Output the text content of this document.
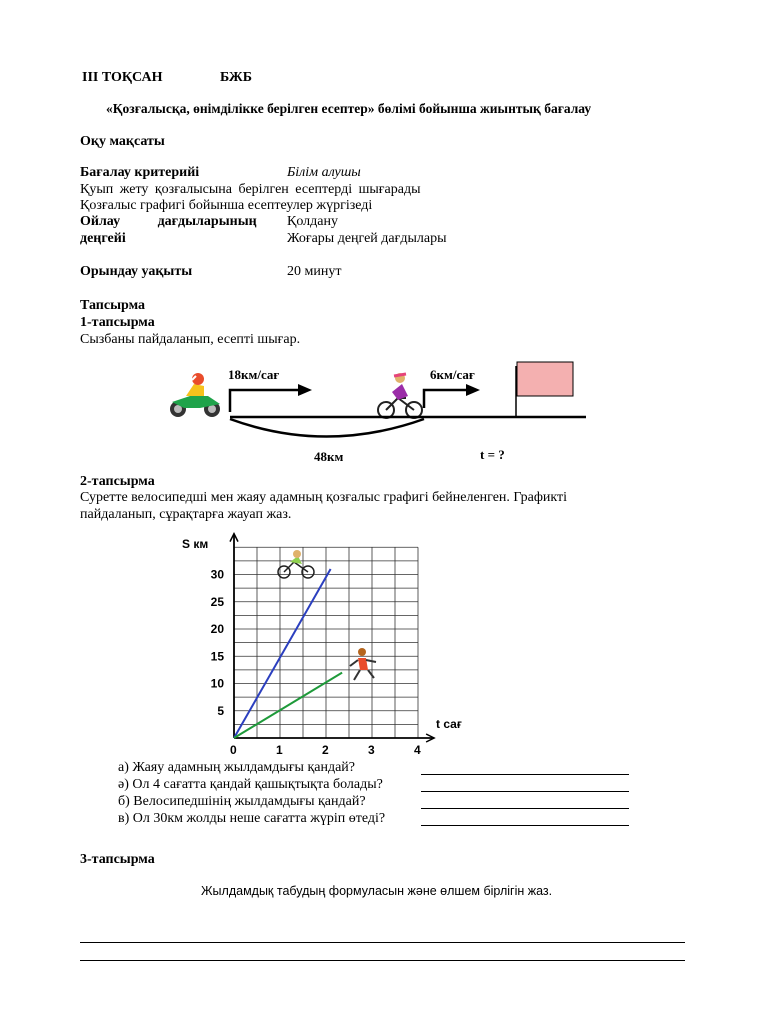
III ТОҚСАН	БЖБ
«Қозғалысқа, өнімділікке берілген есептер» бөлімі бойынша жиынтық бағалау
Оқу мақсаты
Бағалау критерийі	Білім алушы
Қуып жету қозғалысына берілген есептерді шығарады
Қозғалыс графигі бойынша есептеулер жүргізеді
Ойлау дағдыларының
деңгейі
Қолдану
Жоғары деңгей дағдылары
Орындау уақыты	20 минут
Тапсырма
1-тапсырма
Сызбаны пайдаланып, есепті шығар.
18км/сағ	6км/сағ
48км	t = ?
2-тапсырма
Суретте велосипедші мен жаяу адамның қозғалыс графигі бейнеленген. Графикті
пайдаланып, сұрақтарға жауап жаз.
0	1	2	3	4
5
10
15
20
25
30
S км
t сағ
а) Жаяу адамның жылдамдығы қандай?
ә) Ол 4 сағатта қандай қашықтықта болады?
б) Велосипедшінің жылдамдығы қандай?
в) Ол 30км жолды неше сағатта жүріп өтеді?
3-тапсырма
Жылдамдық табудың формуласын және өлшем бірлігін жаз.
